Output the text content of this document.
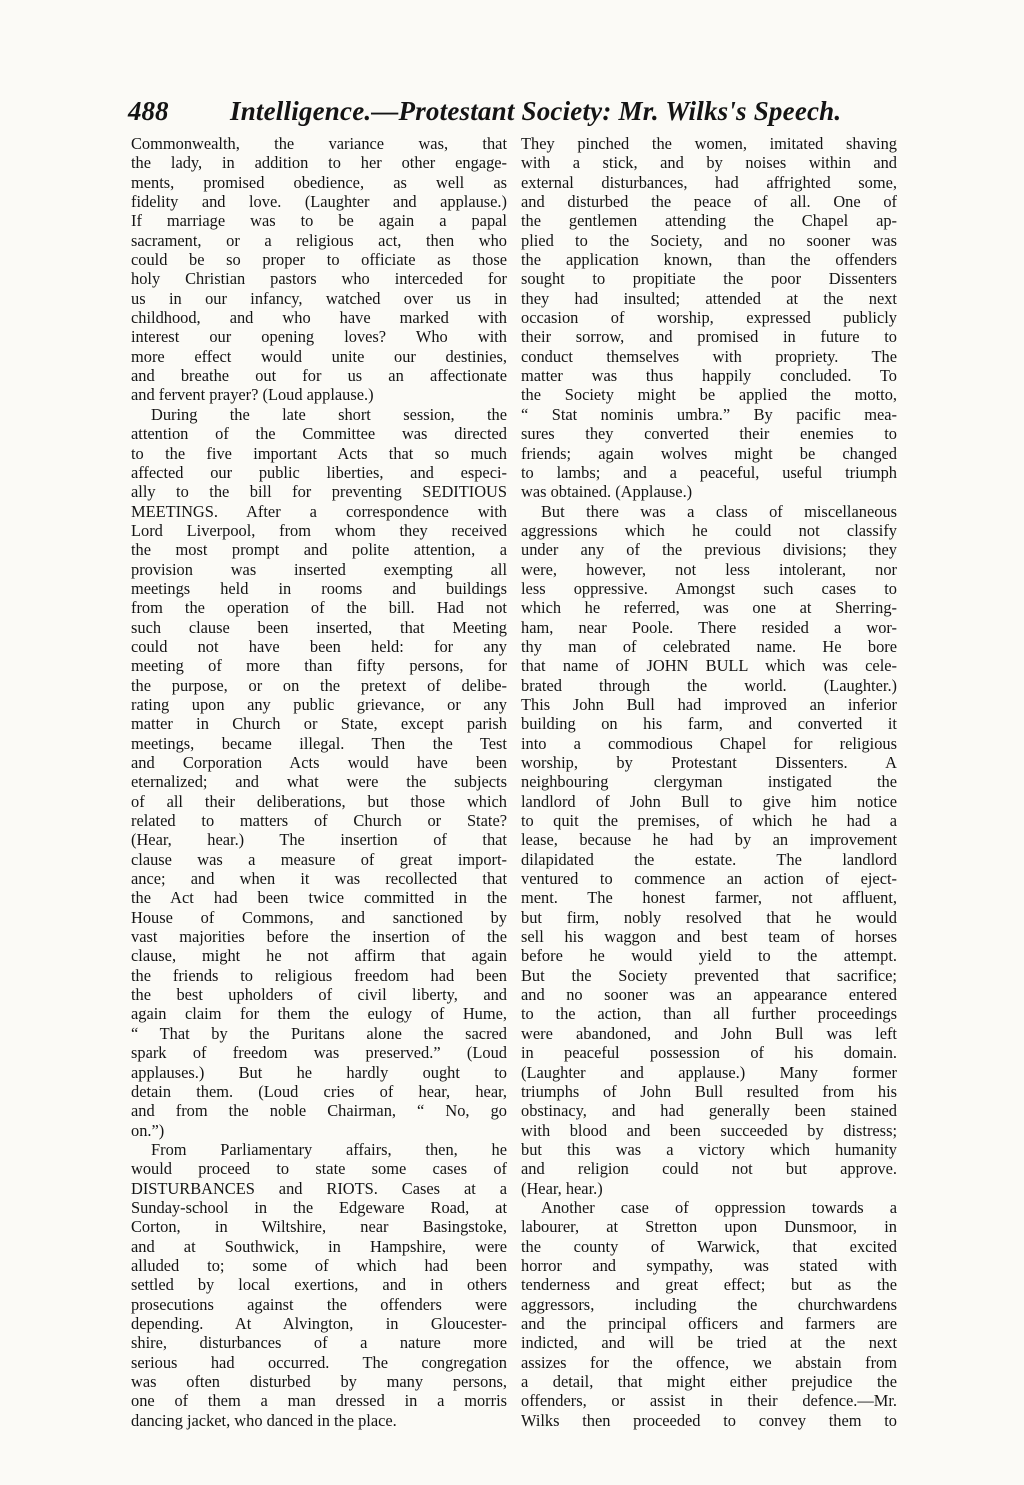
488 Intelligence.—Protestant Society: Mr. Wilks's Speech.
Commonwealth, the variance was, that
the lady, in addition to her other engage-
ments, promised obedience, as well as
fidelity and love. (Laughter and applause.)
If marriage was to be again a papal
sacrament, or a religious act, then who
could be so proper to officiate as those
holy Christian pastors who interceded for
us in our infancy, watched over us in
childhood, and who have marked with
interest our opening loves? Who with
more effect would unite our destinies,
and breathe out for us an affectionate
and fervent prayer? (Loud applause.)
During the late short session, the
attention of the Committee was directed
to the five important Acts that so much
affected our public liberties, and especi-
ally to the bill for preventing SEDITIOUS
MEETINGS. After a correspondence with
Lord Liverpool, from whom they received
the most prompt and polite attention, a
provision was inserted exempting all
meetings held in rooms and buildings
from the operation of the bill. Had not
such clause been inserted, that Meeting
could not have been held: for any
meeting of more than fifty persons, for
the purpose, or on the pretext of delibe-
rating upon any public grievance, or any
matter in Church or State, except parish
meetings, became illegal. Then the Test
and Corporation Acts would have been
eternalized; and what were the subjects
of all their deliberations, but those which
related to matters of Church or State?
(Hear, hear.) The insertion of that
clause was a measure of great import-
ance; and when it was recollected that
the Act had been twice committed in the
House of Commons, and sanctioned by
vast majorities before the insertion of the
clause, might he not affirm that again
the friends to religious freedom had been
the best upholders of civil liberty, and
again claim for them the eulogy of Hume,
“ That by the Puritans alone the sacred
spark of freedom was preserved.” (Loud
applauses.) But he hardly ought to
detain them. (Loud cries of hear, hear,
and from the noble Chairman, “ No, go
on.”)
From Parliamentary affairs, then, he
would proceed to state some cases of
DISTURBANCES and RIOTS. Cases at a
Sunday-school in the Edgeware Road, at
Corton, in Wiltshire, near Basingstoke,
and at Southwick, in Hampshire, were
alluded to; some of which had been
settled by local exertions, and in others
prosecutions against the offenders were
depending. At Alvington, in Gloucester-
shire, disturbances of a nature more
serious had occurred. The congregation
was often disturbed by many persons,
one of them a man dressed in a morris
dancing jacket, who danced in the place.
They pinched the women, imitated shaving
with a stick, and by noises within and
external disturbances, had affrighted some,
and disturbed the peace of all. One of
the gentlemen attending the Chapel ap-
plied to the Society, and no sooner was
the application known, than the offenders
sought to propitiate the poor Dissenters
they had insulted; attended at the next
occasion of worship, expressed publicly
their sorrow, and promised in future to
conduct themselves with propriety. The
matter was thus happily concluded. To
the Society might be applied the motto,
“ Stat nominis umbra.” By pacific mea-
sures they converted their enemies to
friends; again wolves might be changed
to lambs; and a peaceful, useful triumph
was obtained. (Applause.)
But there was a class of miscellaneous
aggressions which he could not classify
under any of the previous divisions; they
were, however, not less intolerant, nor
less oppressive. Amongst such cases to
which he referred, was one at Sherring-
ham, near Poole. There resided a wor-
thy man of celebrated name. He bore
that name of JOHN BULL which was cele-
brated through the world. (Laughter.)
This John Bull had improved an inferior
building on his farm, and converted it
into a commodious Chapel for religious
worship, by Protestant Dissenters. A
neighbouring clergyman instigated the
landlord of John Bull to give him notice
to quit the premises, of which he had a
lease, because he had by an improvement
dilapidated the estate. The landlord
ventured to commence an action of eject-
ment. The honest farmer, not affluent,
but firm, nobly resolved that he would
sell his waggon and best team of horses
before he would yield to the attempt.
But the Society prevented that sacrifice;
and no sooner was an appearance entered
to the action, than all further proceedings
were abandoned, and John Bull was left
in peaceful possession of his domain.
(Laughter and applause.) Many former
triumphs of John Bull resulted from his
obstinacy, and had generally been stained
with blood and been succeeded by distress;
but this was a victory which humanity
and religion could not but approve.
(Hear, hear.)
Another case of oppression towards a
labourer, at Stretton upon Dunsmoor, in
the county of Warwick, that excited
horror and sympathy, was stated with
tenderness and great effect; but as the
aggressors, including the churchwardens
and the principal officers and farmers are
indicted, and will be tried at the next
assizes for the offence, we abstain from
a detail, that might either prejudice the
offenders, or assist in their defence.—Mr.
Wilks then proceeded to convey them to
